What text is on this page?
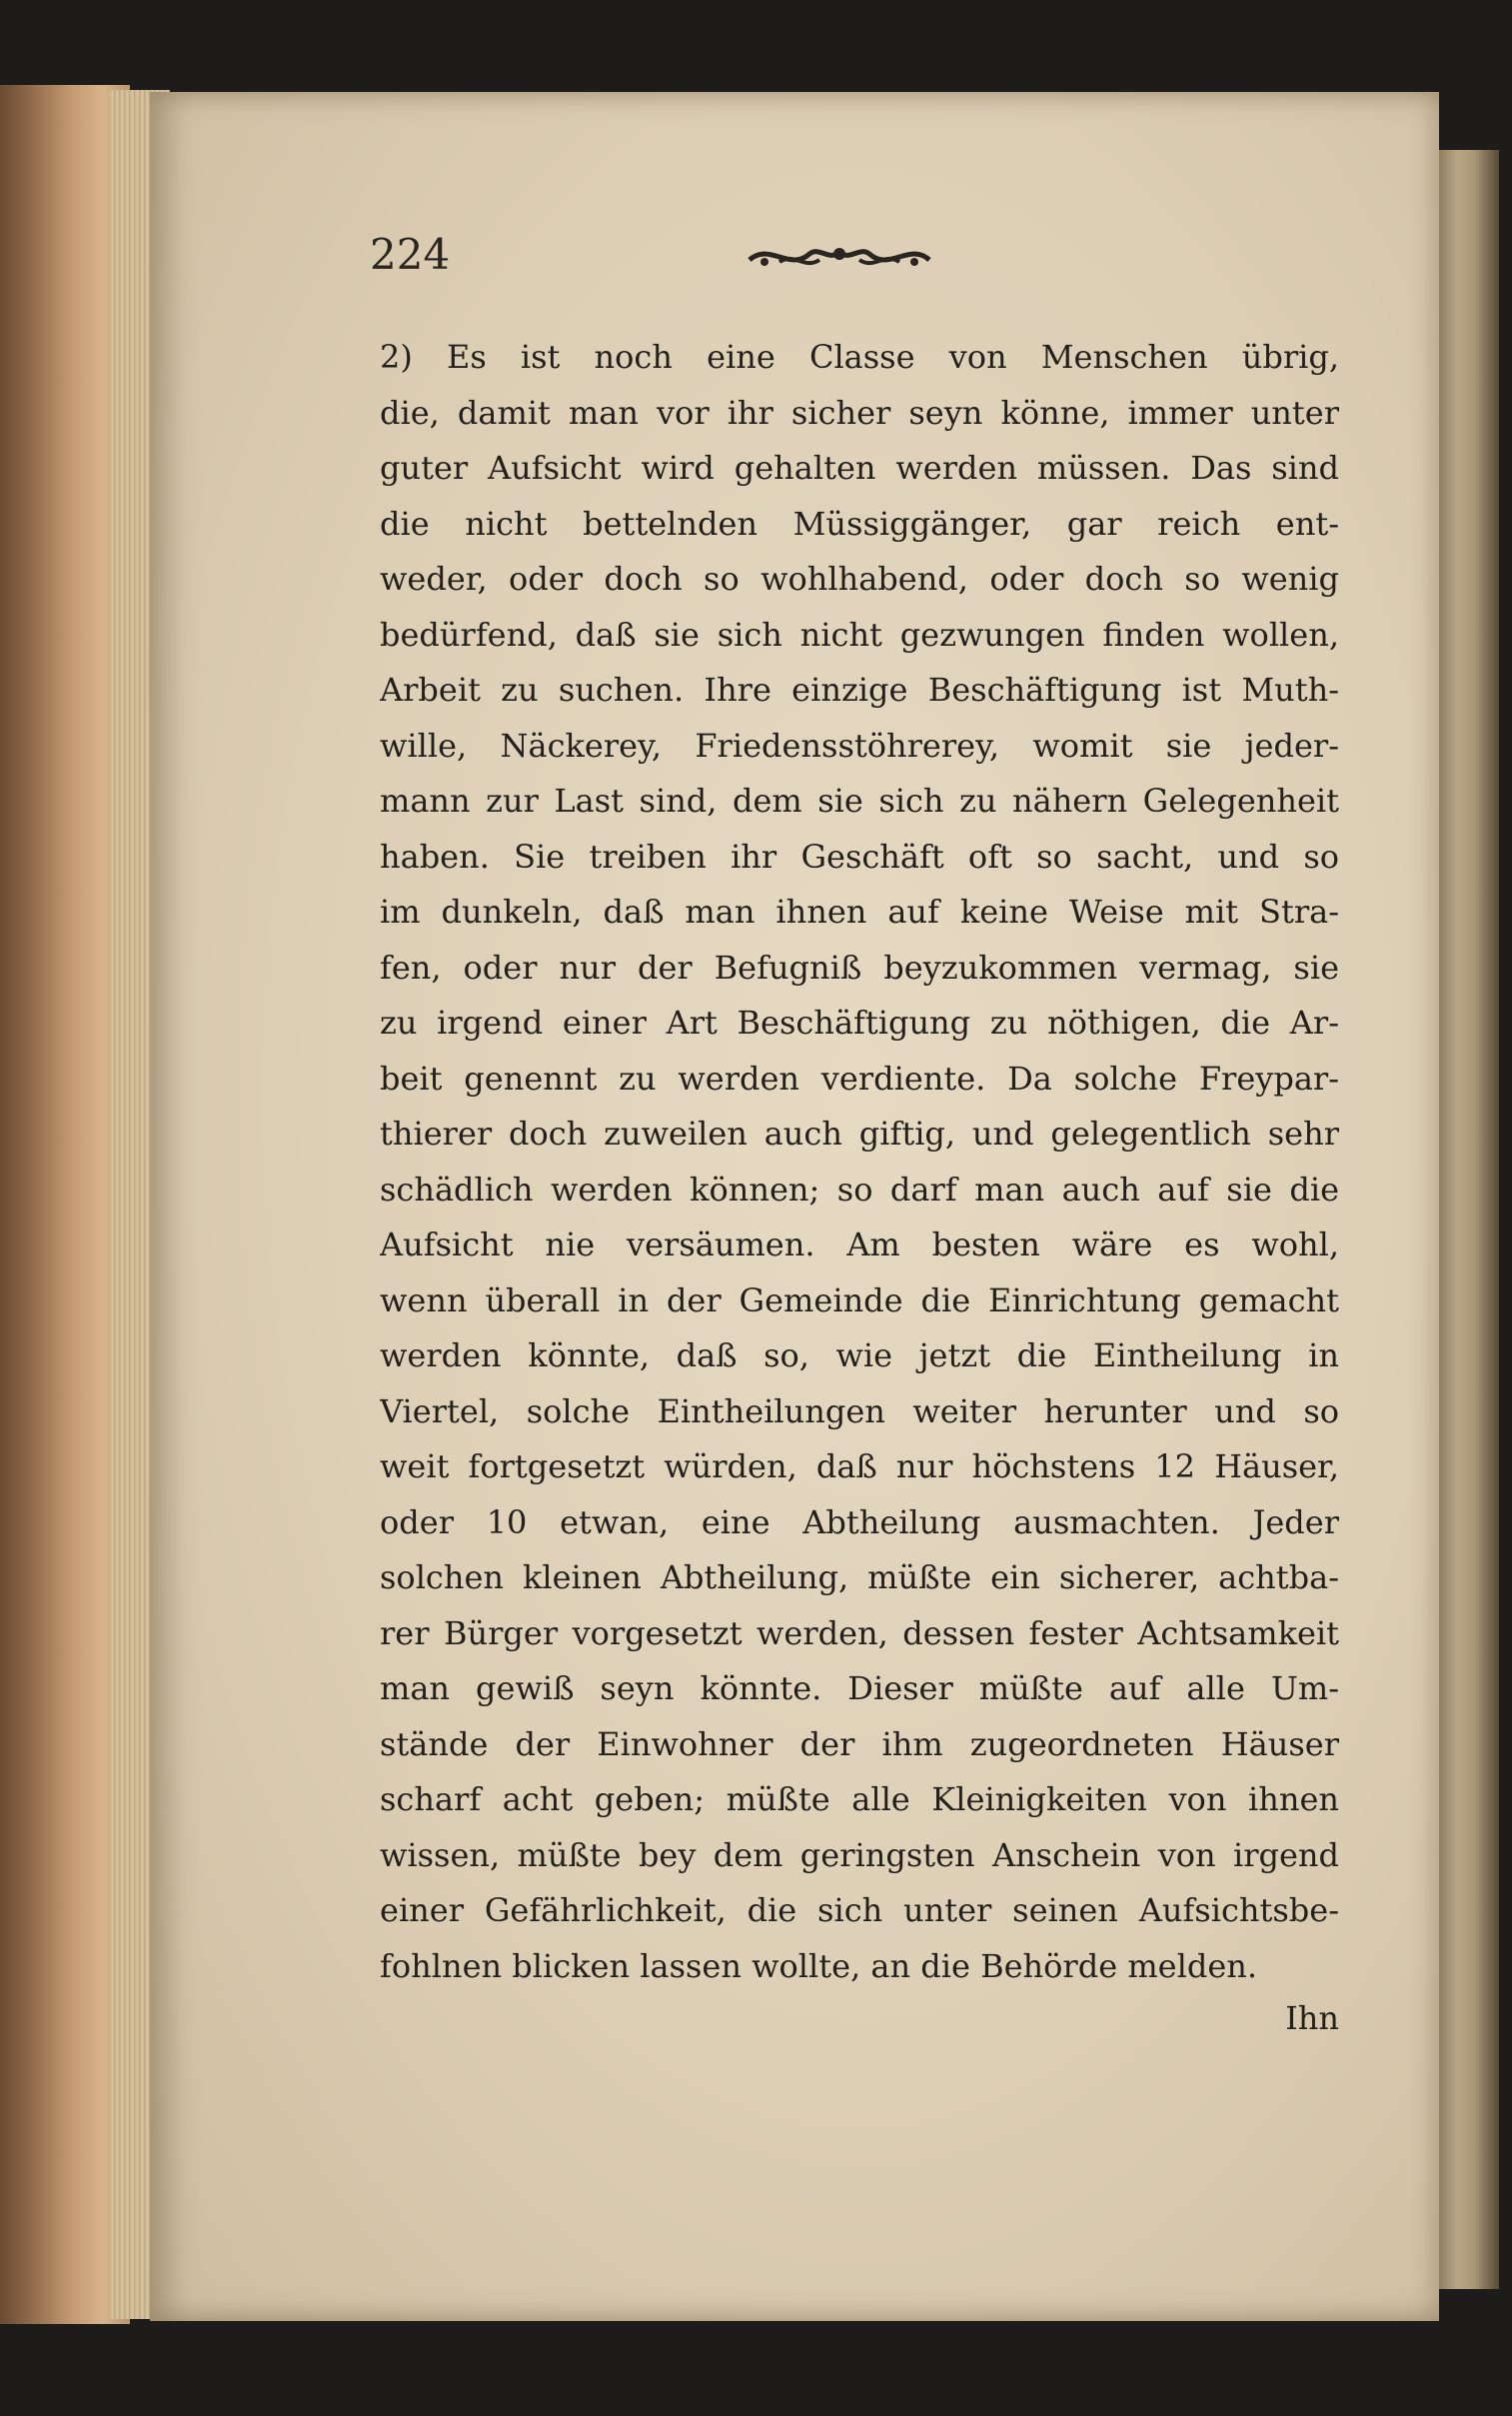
224
2) Es ist noch eine Classe von Menschen übrig,
die, damit man vor ihr sicher seyn könne, immer unter
guter Aufsicht wird gehalten werden müssen. Das sind
die nicht bettelnden Müssiggänger, gar reich ent-
weder, oder doch so wohlhabend, oder doch so wenig
bedürfend, daß sie sich nicht gezwungen finden wollen,
Arbeit zu suchen. Ihre einzige Beschäftigung ist Muth-
wille, Näckerey, Friedensstöhrerey, womit sie jeder-
mann zur Last sind, dem sie sich zu nähern Gelegenheit
haben. Sie treiben ihr Geschäft oft so sacht, und so
im dunkeln, daß man ihnen auf keine Weise mit Stra-
fen, oder nur der Befugniß beyzukommen vermag, sie
zu irgend einer Art Beschäftigung zu nöthigen, die Ar-
beit genennt zu werden verdiente. Da solche Freypar-
thierer doch zuweilen auch giftig, und gelegentlich sehr
schädlich werden können; so darf man auch auf sie die
Aufsicht nie versäumen. Am besten wäre es wohl,
wenn überall in der Gemeinde die Einrichtung gemacht
werden könnte, daß so, wie jetzt die Eintheilung in
Viertel, solche Eintheilungen weiter herunter und so
weit fortgesetzt würden, daß nur höchstens 12 Häuser,
oder 10 etwan, eine Abtheilung ausmachten. Jeder
solchen kleinen Abtheilung, müßte ein sicherer, achtba-
rer Bürger vorgesetzt werden, dessen fester Achtsamkeit
man gewiß seyn könnte. Dieser müßte auf alle Um-
stände der Einwohner der ihm zugeordneten Häuser
scharf acht geben; müßte alle Kleinigkeiten von ihnen
wissen, müßte bey dem geringsten Anschein von irgend
einer Gefährlichkeit, die sich unter seinen Aufsichtsbe-
fohlnen blicken lassen wollte, an die Behörde melden.
Ihn
